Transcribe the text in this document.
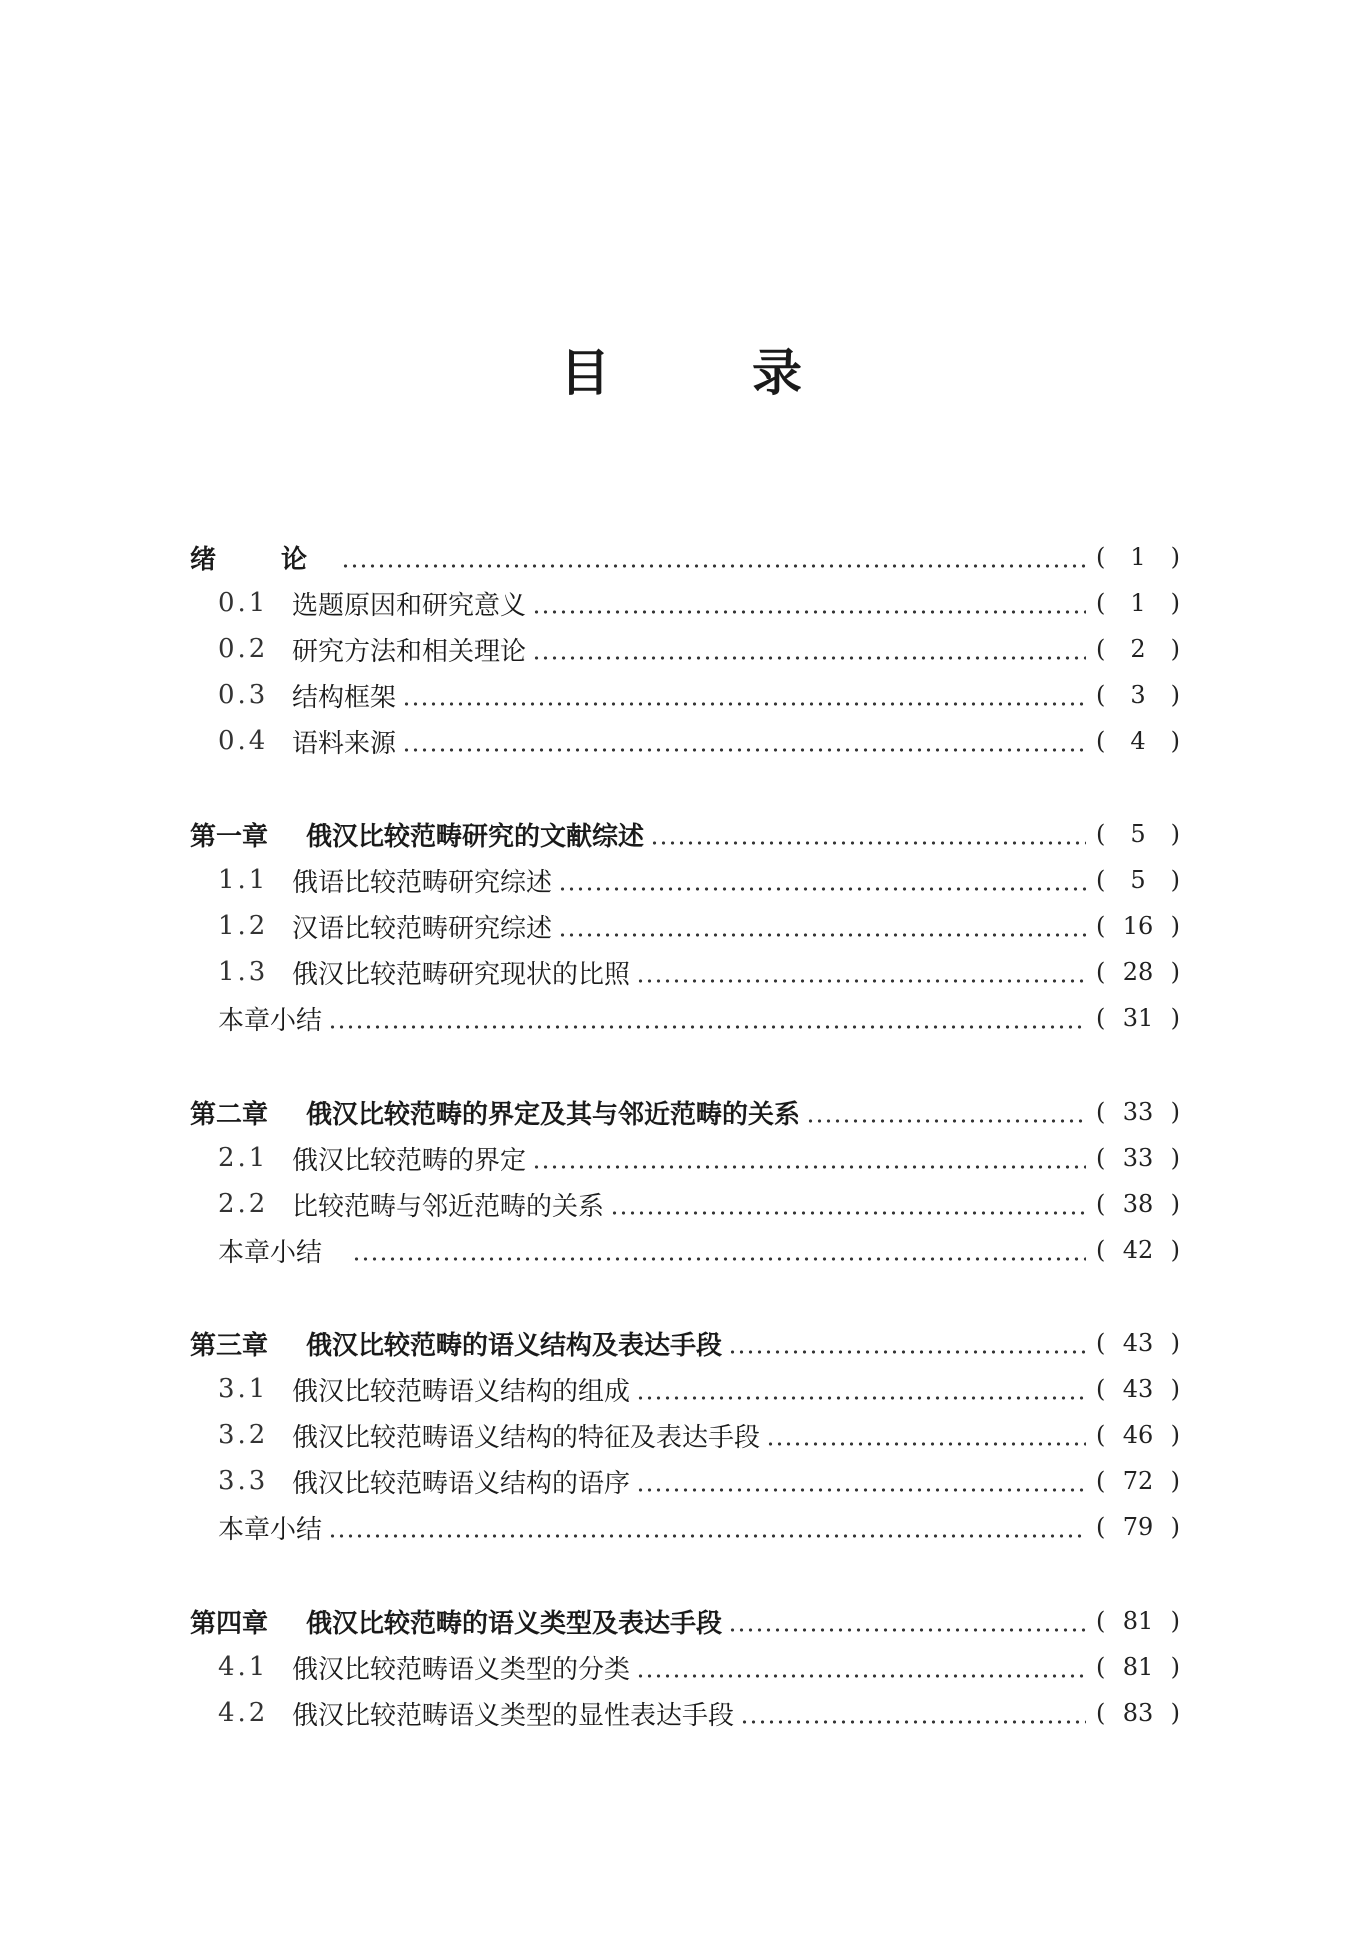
目　录
绪 论	(	1	)
0.1 选题原因和研究意义	(	1	)
0.2 研究方法和相关理论	(	2	)
0.3 结构框架	(	3	)
0.4 语料来源	(	4	)
第一章	俄汉比较范畴研究的文献综述	(	5	)
1.1 俄语比较范畴研究综述	(	5	)
1.2 汉语比较范畴研究综述	( 16 )
1.3 俄汉比较范畴研究现状的比照	( 28 )
本章小结	( 31 )
第二章	俄汉比较范畴的界定及其与邻近范畴的关系	( 33 )
2.1 俄汉比较范畴的界定	( 33 )
2.2 比较范畴与邻近范畴的关系	( 38 )
本章小结	( 42 )
第三章	俄汉比较范畴的语义结构及表达手段	( 43 )
3.1 俄汉比较范畴语义结构的组成	( 43 )
3.2 俄汉比较范畴语义结构的特征及表达手段	( 46 )
3.3 俄汉比较范畴语义结构的语序	( 72 )
本章小结	( 79 )
第四章	俄汉比较范畴的语义类型及表达手段	( 81 )
4.1 俄汉比较范畴语义类型的分类	( 81 )
4.2 俄汉比较范畴语义类型的显性表达手段	( 83 )
